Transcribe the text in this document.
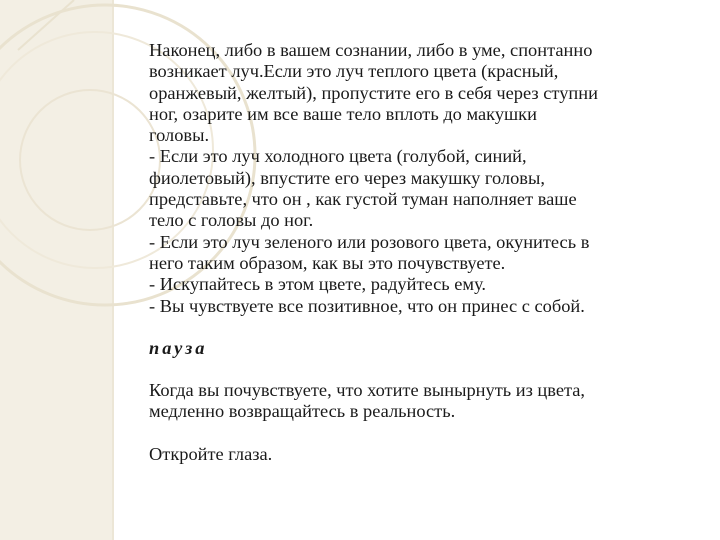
Наконец, либо в вашем сознании, либо в уме, спонтанно
возникает луч.Если это луч теплого цвета (красный,
оранжевый, желтый), пропустите его в себя через ступни
ног, озарите им все ваше тело вплоть до макушки
головы.

- Если это луч холодного цвета (голубой, синий,
фиолетовый), впустите его через макушку головы,
представьте, что он , как густой туман наполняет ваше
тело с головы до ног.

- Если это луч зеленого или розового цвета, окунитесь в
него таким образом, как вы это почувствуете.

- Искупайтесь в этом цвете, радуйтесь ему.

- Вы чувствуете все позитивное, что он принес с собой.

пауза

Когда вы почувствуете, что хотите вынырнуть из цвета,
медленно возвращайтесь в реальность.

Откройте глаза.
